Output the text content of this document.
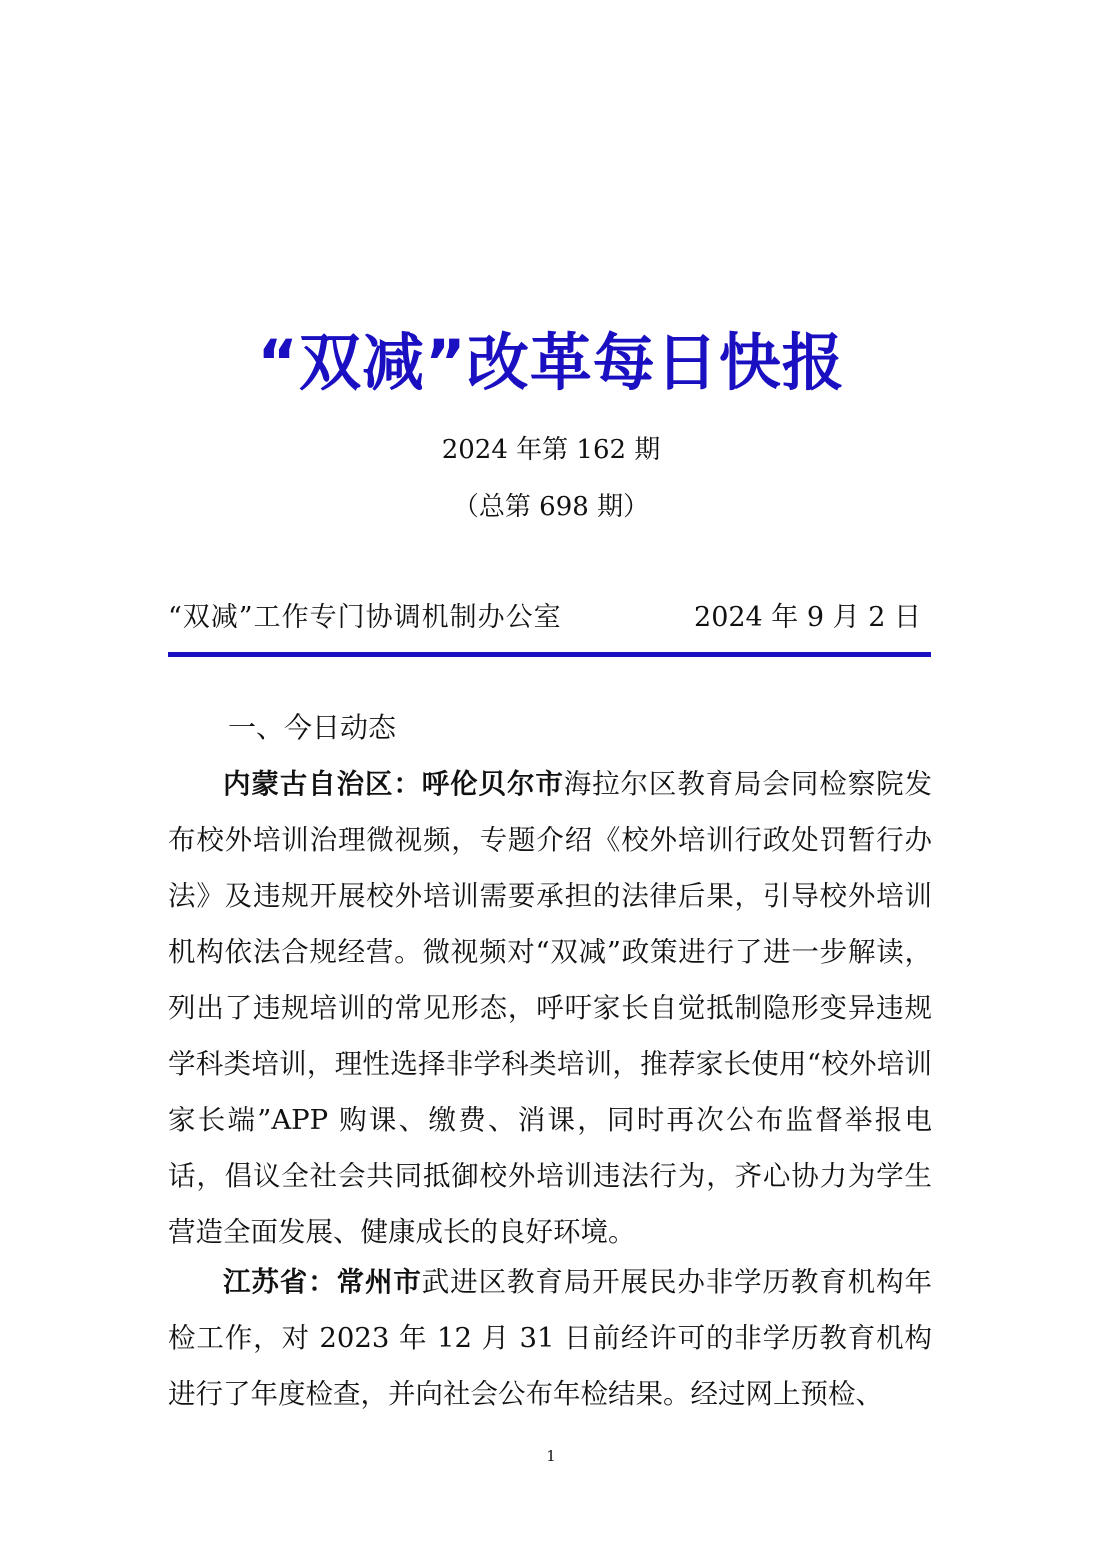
“双减”改革每日快报
2024 年第 162 期
（总第 698 期）
“双减”工作专门协调机制办公室	2024 年 9 月 2 日
一、今日动态

内蒙古自治区：呼伦贝尔市海拉尔区教育局会同检察院发布校外培训治理微视频，专题介绍《校外培训行政处罚暂行办法》及违规开展校外培训需要承担的法律后果，引导校外培训机构依法合规经营。微视频对“双减”政策进行了进一步解读，列出了违规培训的常见形态，呼吁家长自觉抵制隐形变异违规学科类培训，理性选择非学科类培训，推荐家长使用“校外培训家长端”APP 购课、缴费、消课，同时再次公布监督举报电话，倡议全社会共同抵御校外培训违法行为，齐心协力为学生营造全面发展、健康成长的良好环境。

江苏省：常州市武进区教育局开展民办非学历教育机构年检工作，对 2023 年 12 月 31 日前经许可的非学历教育机构进行了年度检查，并向社会公布年检结果。经过网上预检、

1
